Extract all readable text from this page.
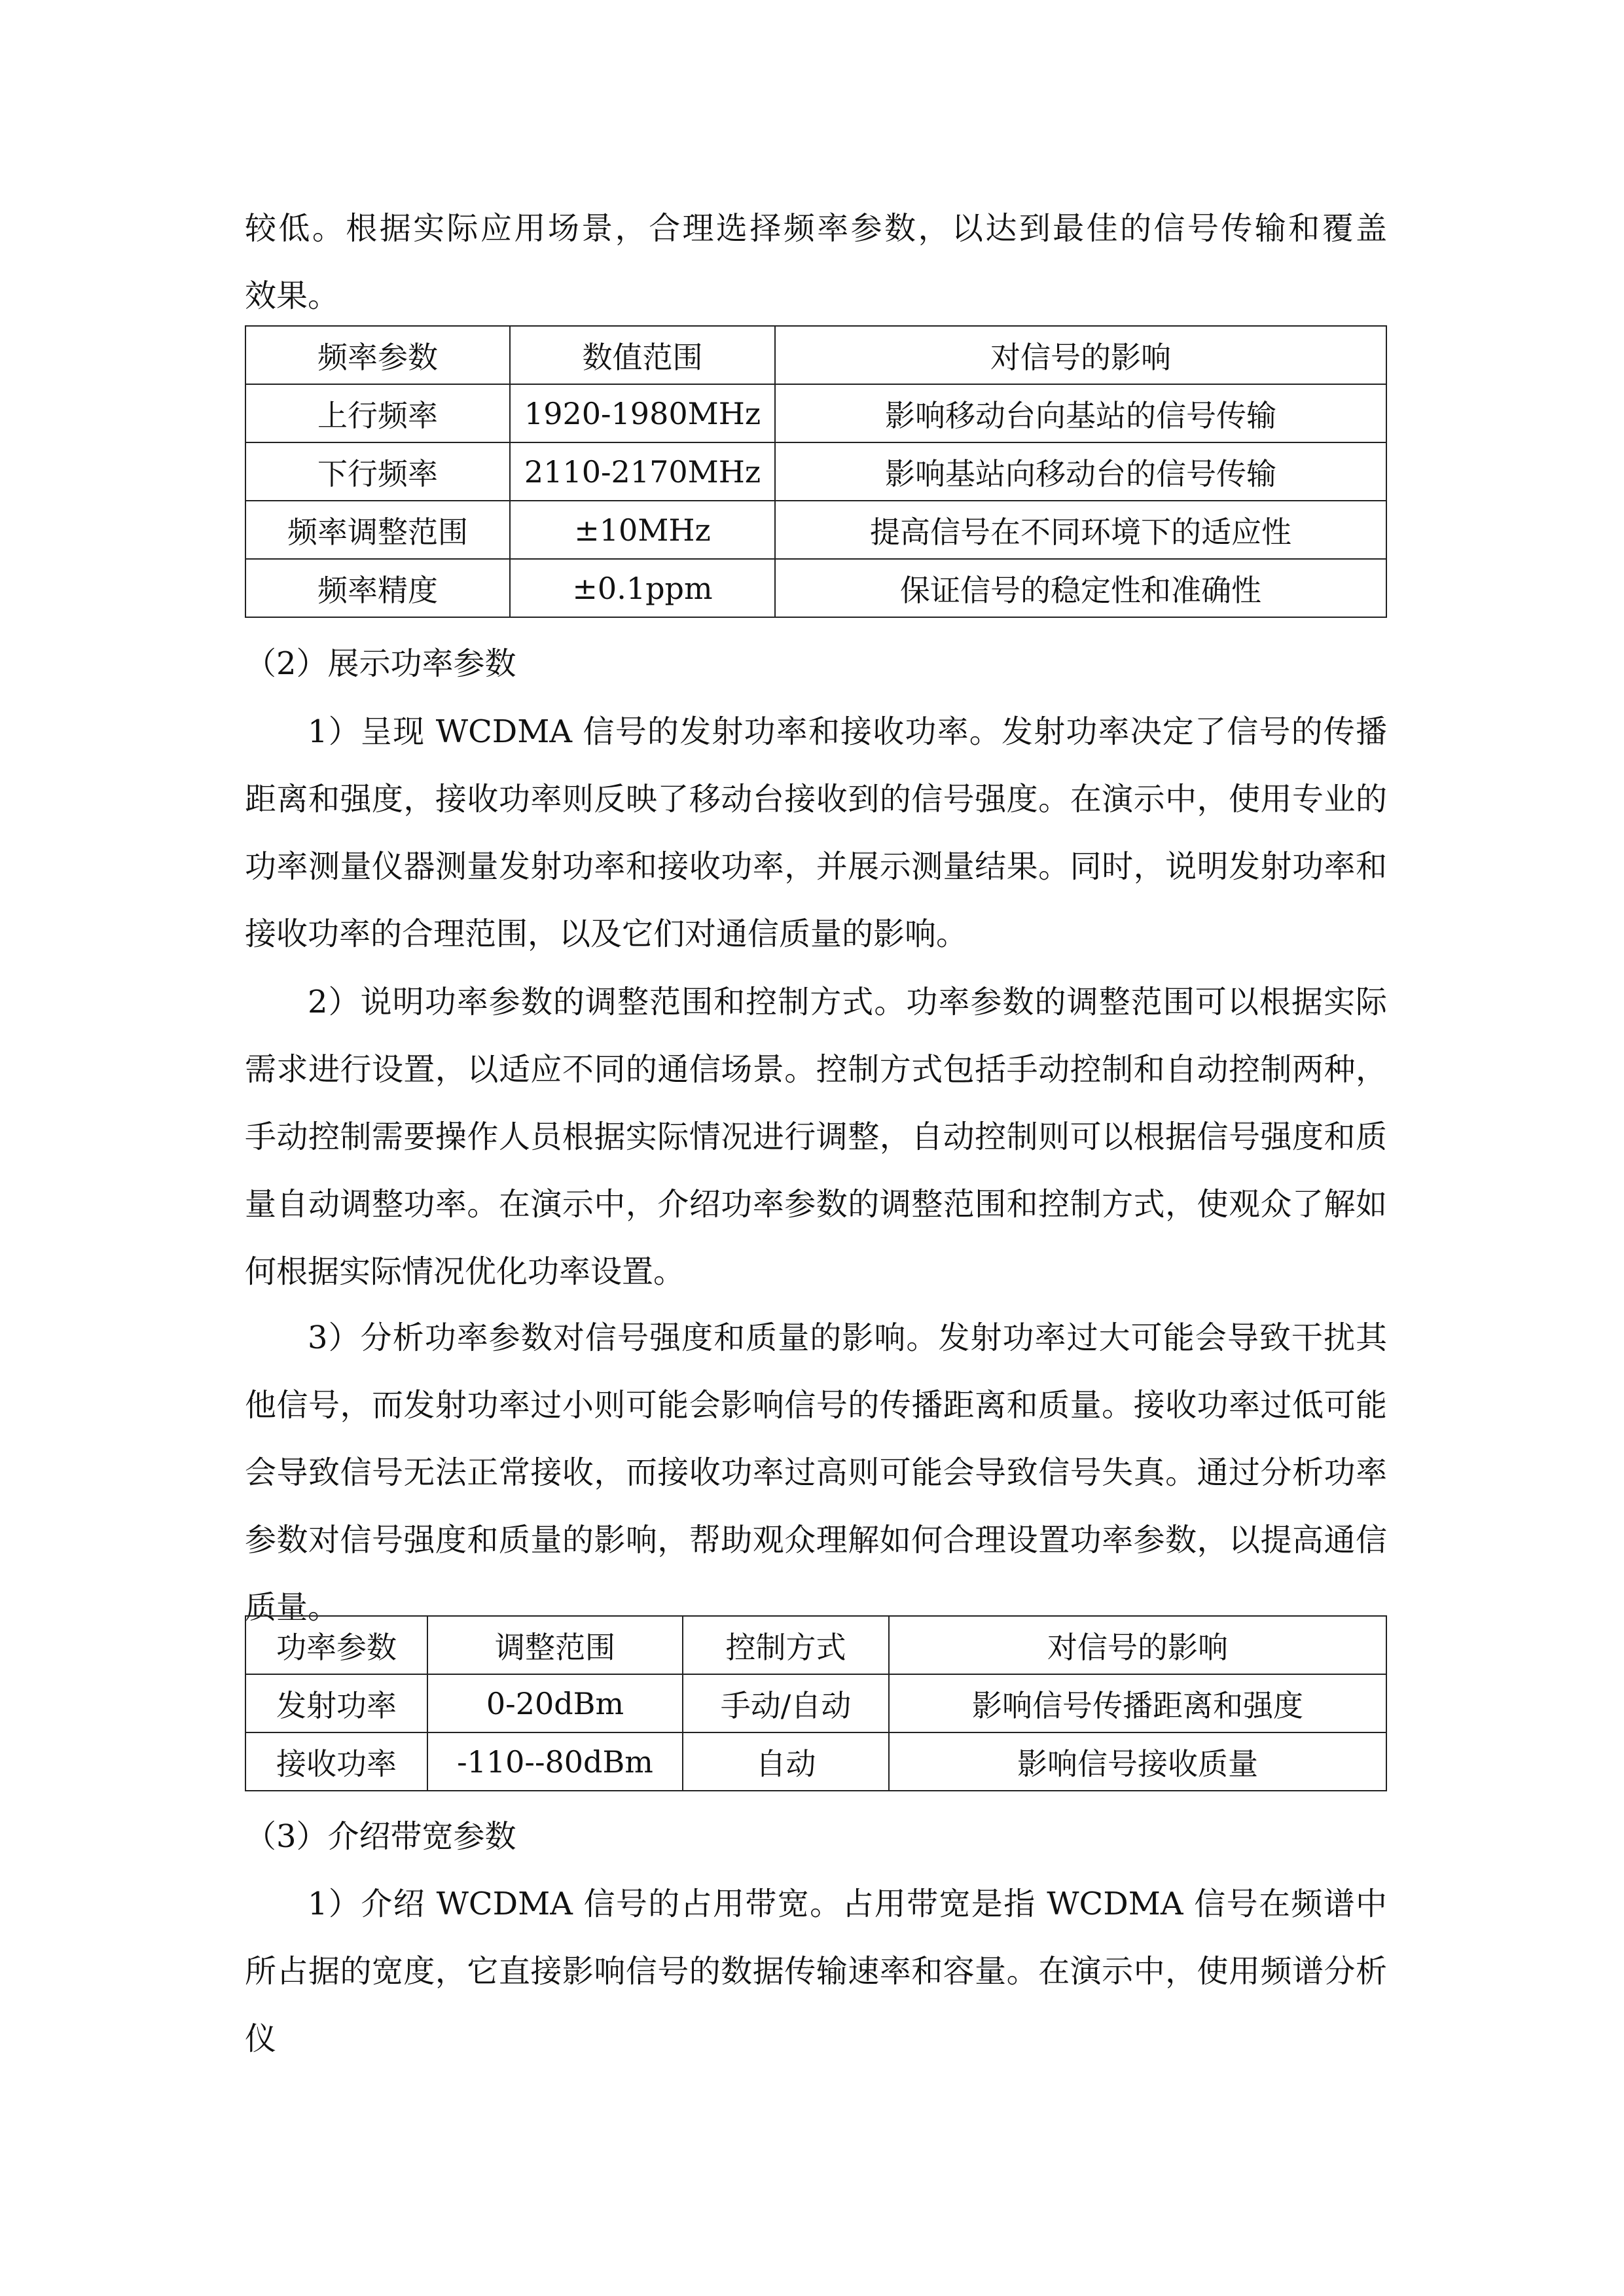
较低。根据实际应用场景，合理选择频率参数，以达到最佳的信号传输和覆盖
效果。
频率参数	数值范围	对信号的影响
上行频率	1920-1980MHz	影响移动台向基站的信号传输
下行频率	2110-2170MHz	影响基站向移动台的信号传输
频率调整范围	±10MHz	提高信号在不同环境下的适应性
频率精度	±0.1ppm	保证信号的稳定性和准确性
（2）展示功率参数
1）呈现 WCDMA 信号的发射功率和接收功率。发射功率决定了信号的传播距离和强度，接收功率则反映了移动台接收到的信号强度。在演示中，使用专业的功率测量仪器测量发射功率和接收功率，并展示测量结果。同时，说明发射功率和接收功率的合理范围，以及它们对通信质量的影响。
2）说明功率参数的调整范围和控制方式。功率参数的调整范围可以根据实际需求进行设置，以适应不同的通信场景。控制方式包括手动控制和自动控制两种，手动控制需要操作人员根据实际情况进行调整，自动控制则可以根据信号强度和质量自动调整功率。在演示中，介绍功率参数的调整范围和控制方式，使观众了解如何根据实际情况优化功率设置。
3）分析功率参数对信号强度和质量的影响。发射功率过大可能会导致干扰其他信号，而发射功率过小则可能会影响信号的传播距离和质量。接收功率过低可能会导致信号无法正常接收，而接收功率过高则可能会导致信号失真。通过分析功率参数对信号强度和质量的影响，帮助观众理解如何合理设置功率参数，以提高通信质量。
功率参数	调整范围	控制方式	对信号的影响
发射功率	0-20dBm	手动/自动	影响信号传播距离和强度
接收功率	-110--80dBm	自动	影响信号接收质量
（3）介绍带宽参数
1）介绍 WCDMA 信号的占用带宽。占用带宽是指 WCDMA 信号在频谱中所占据的宽度，它直接影响信号的数据传输速率和容量。在演示中，使用频谱分析仪
